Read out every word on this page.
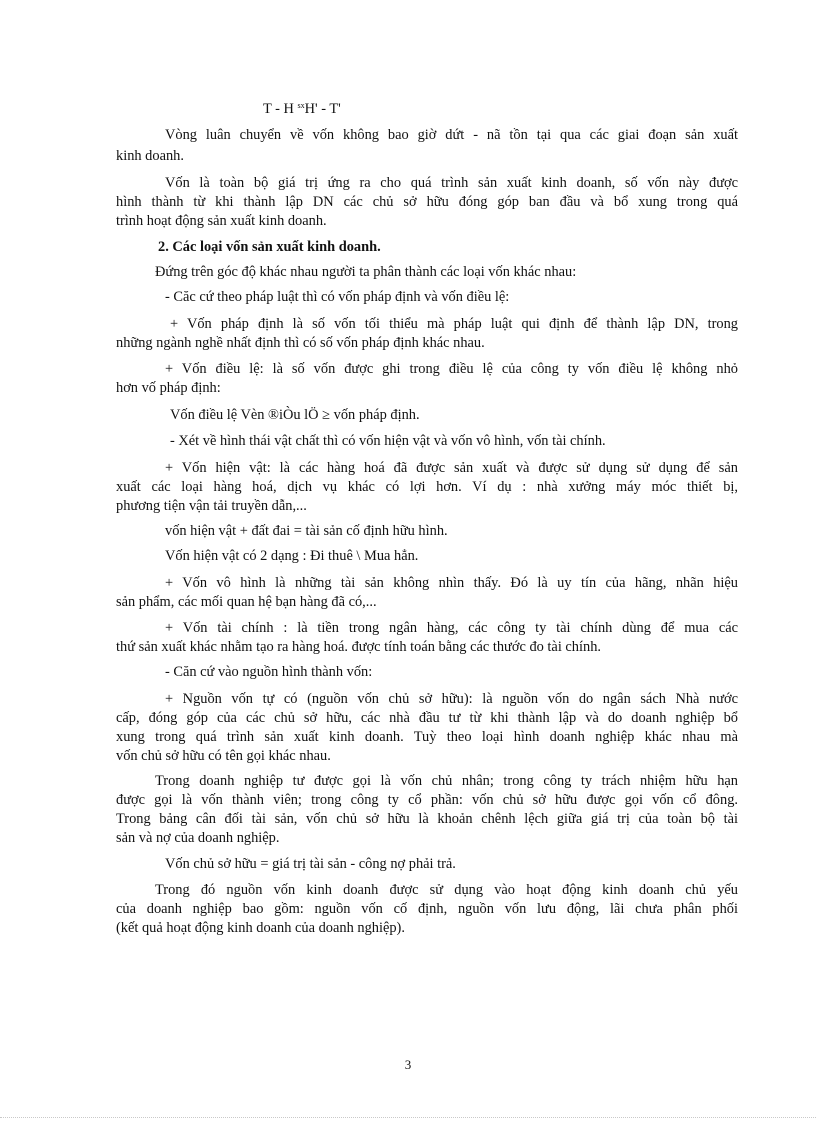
T - H $^{sx}$H' - T'
Vòng luân chuyển về vốn không bao giờ dứt - nã tồn tại qua các giai đoạn sản xuất
kinh doanh.
Vốn là toàn bộ giá trị ứng ra cho quá trình sản xuất kinh doanh, số vốn này được
hình thành từ khi thành lập DN các chủ sở hữu đóng góp ban đầu và bổ xung trong quá
trình hoạt động sản xuất kinh doanh.
2. Các loại vốn sản xuất kinh doanh.
Đứng trên góc độ khác nhau người ta phân thành các loại vốn khác nhau:
- Căc cứ theo pháp luật thì có vốn pháp định và vốn điều lệ:
+ Vốn pháp định là số vốn tối thiểu mà pháp luật qui định để thành lập DN, trong
những ngành nghề nhất định thì có số vốn pháp định khác nhau.
+ Vốn điều lệ: là số vốn được ghi trong điều lệ của công ty vốn điều lệ không nhỏ
hơn vố pháp định:
Vốn điều lệ Vèn ®iÒu lÖ ≥ vốn pháp định.
- Xét về hình thái vật chất thì có vốn hiện vật và vốn vô hình, vốn tài chính.
+ Vốn hiện vật: là các hàng hoá đã được sản xuất và được sử dụng sử dụng để sản
xuất các loại hàng hoá, dịch vụ khác có lợi hơn. Ví dụ : nhà xưởng máy móc thiết bị,
phương tiện vận tải truyền dẫn,...
vốn hiện vật + đất đai = tài sản cố định hữu hình.
Vốn hiện vật có 2 dạng : Đi thuê \ Mua hẳn.
+ Vốn vô hình là những tài sản không nhìn thấy. Đó là uy tín của hãng, nhãn hiệu
sản phẩm, các mối quan hệ bạn hàng đã có,...
+ Vốn tài chính : là tiền trong ngân hàng, các công ty tài chính dùng để mua các
thứ sản xuất khác nhằm tạo ra hàng hoá. được tính toán bằng các thước đo tài chính.
- Căn cứ vào nguồn hình thành vốn:
+ Nguồn vốn tự có (nguồn vốn chủ sở hữu): là nguồn vốn do ngân sách Nhà nước
cấp, đóng góp của các chủ sở hữu, các nhà đầu tư từ khi thành lập và do doanh nghiệp bổ
xung trong quá trình sản xuất kinh doanh. Tuỳ theo loại hình doanh nghiệp khác nhau mà
vốn chủ sở hữu có tên gọi khác nhau.
Trong doanh nghiệp tư được gọi là vốn chủ nhân; trong công ty trách nhiệm hữu hạn
được gọi là vốn thành viên; trong công ty cổ phần: vốn chủ sở hữu được gọi vốn cổ đông.
Trong bảng cân đối tài sản, vốn chủ sở hữu là khoản chênh lệch giữa giá trị của toàn bộ tài
sản và nợ của doanh nghiệp.
Vốn chủ sở hữu = giá trị tài sản - công nợ phải trả.
Trong đó nguồn vốn kinh doanh được sử dụng vào hoạt động kinh doanh chủ yếu
của doanh nghiệp bao gồm: nguồn vốn cố định, nguồn vốn lưu động, lãi chưa phân phối
(kết quả hoạt động kinh doanh của doanh nghiệp).
3
